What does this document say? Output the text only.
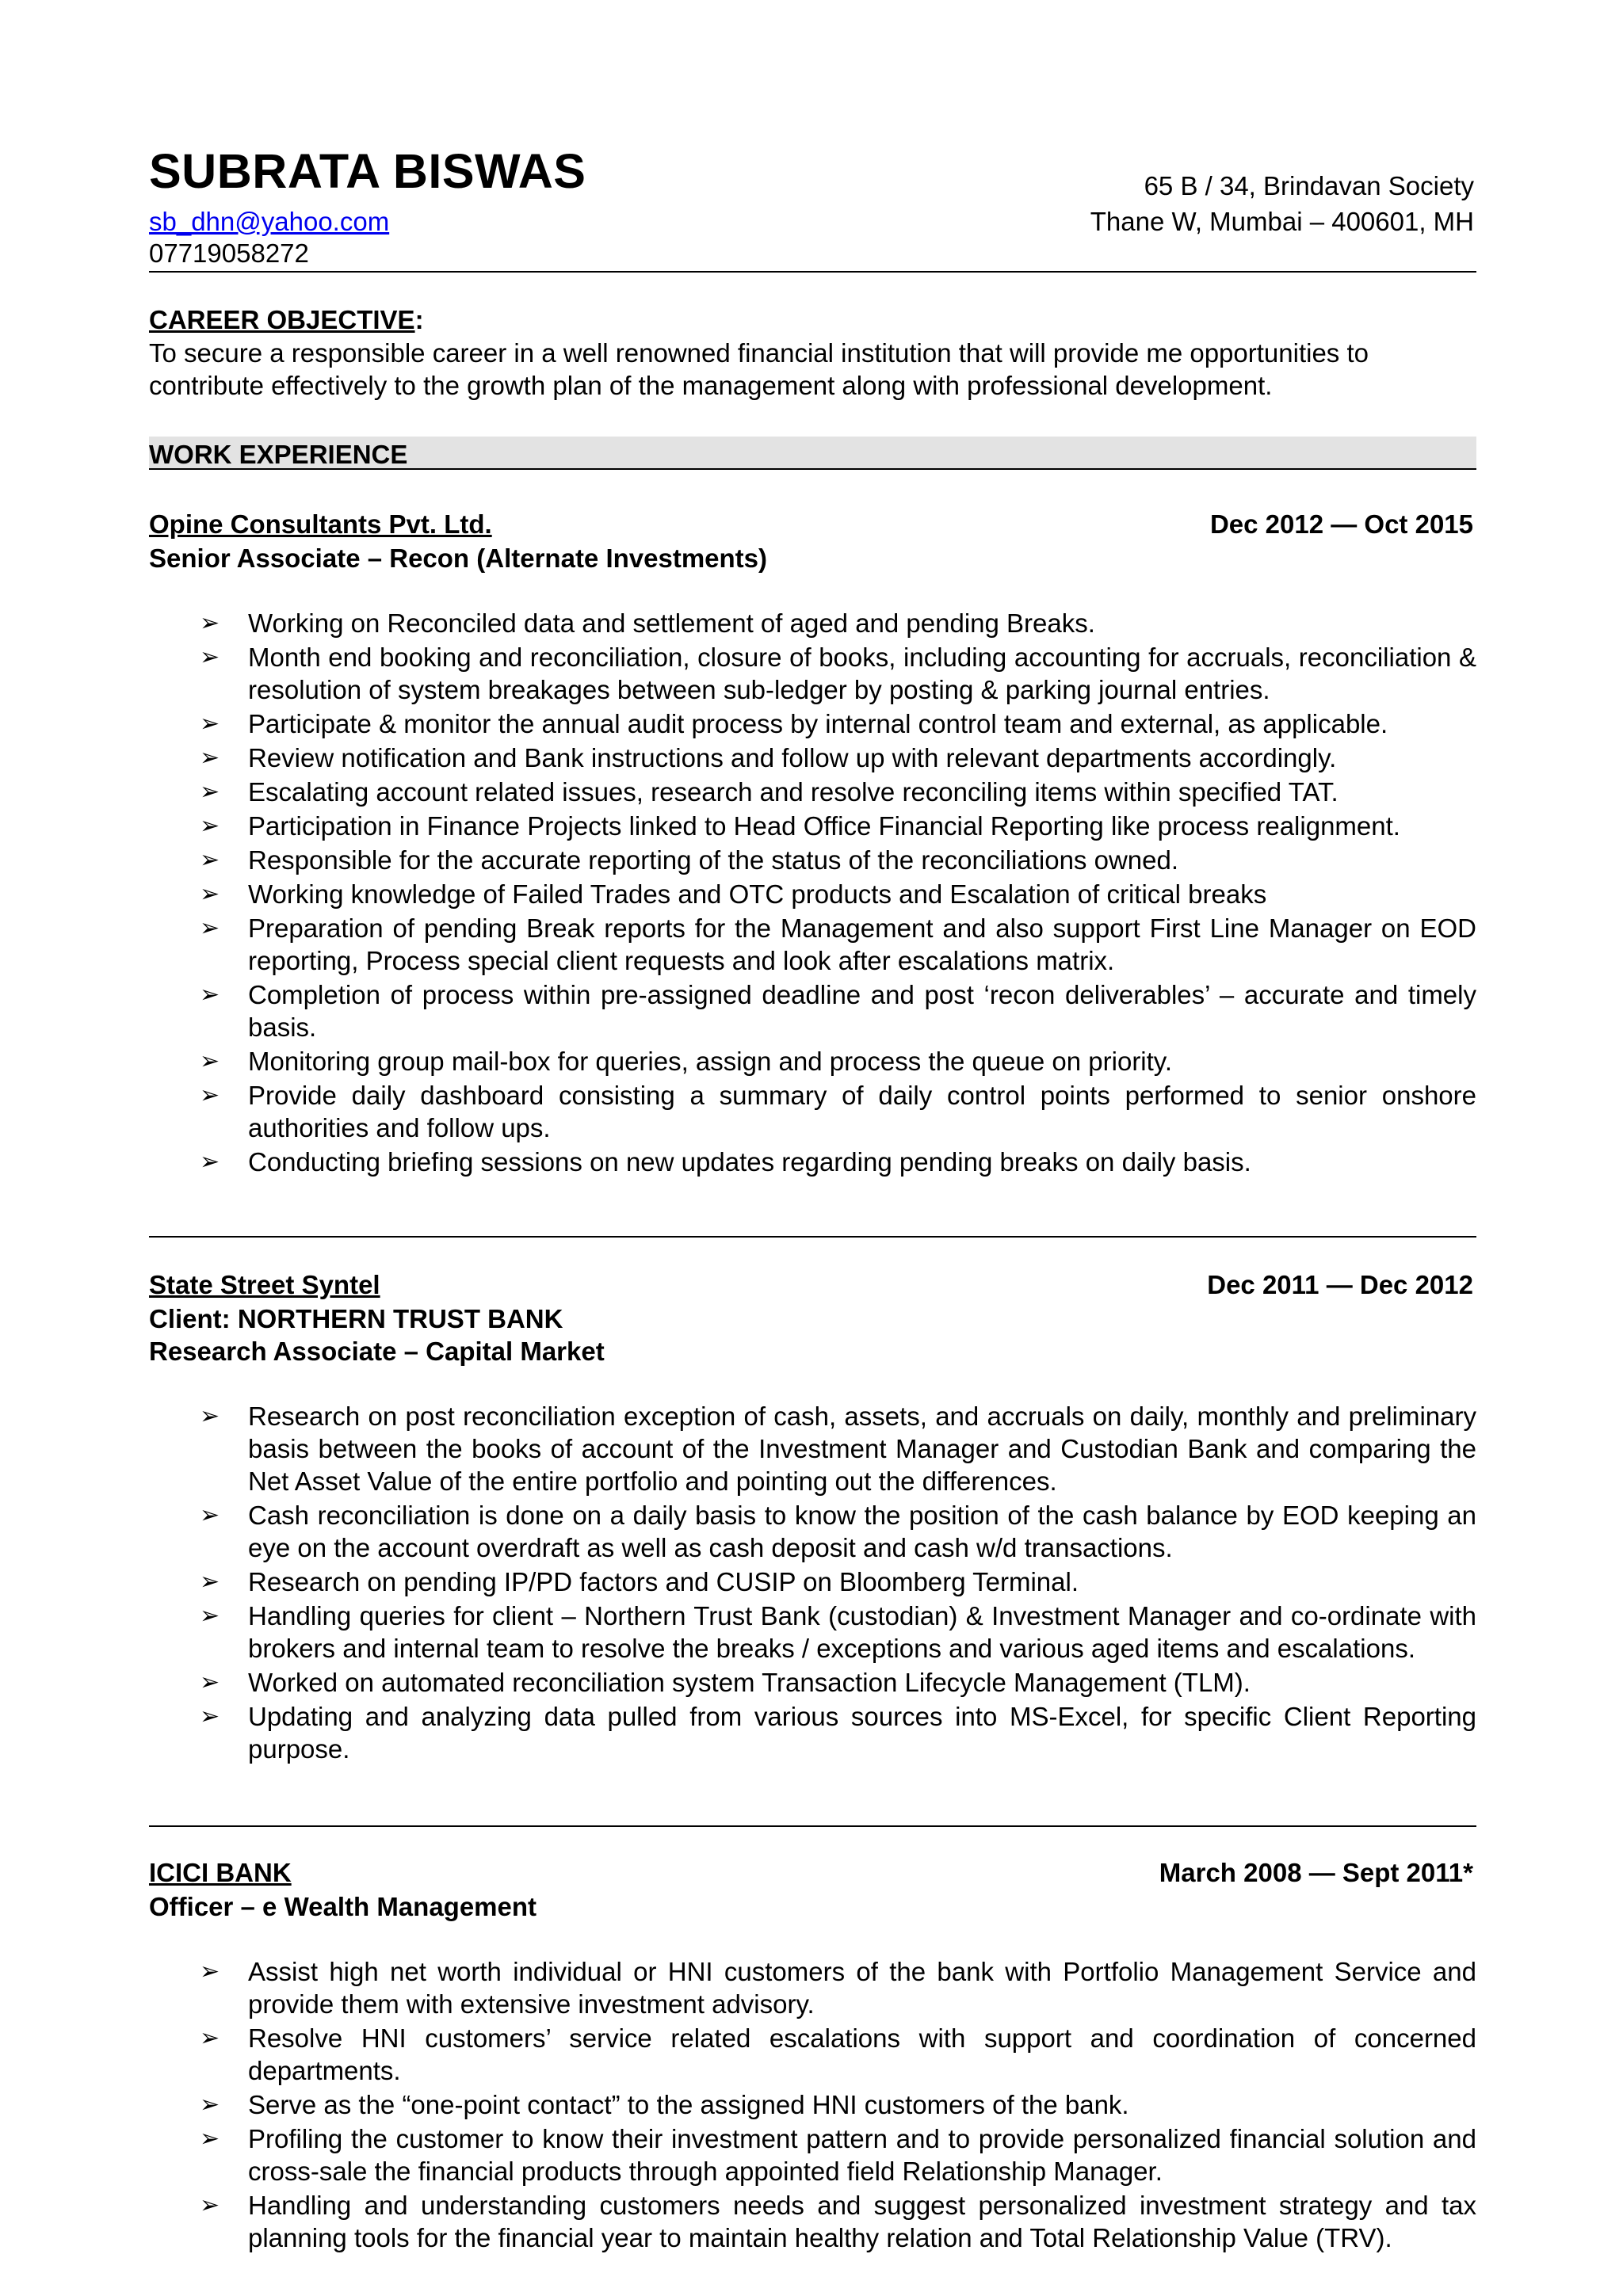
SUBRATA BISWAS	65 B / 34, Brindavan Society
sb_dhn@yahoo.com	Thane W, Mumbai – 400601, MH
07719058272
CAREER OBJECTIVE:
To secure a responsible career in a well renowned financial institution that will provide me opportunities to contribute effectively to the growth plan of the management along with professional development.
WORK EXPERIENCE
Opine Consultants Pvt. Ltd.	Dec 2012 — Oct 2015
Senior Associate – Recon (Alternate Investments)
➢ Working on Reconciled data and settlement of aged and pending Breaks.
➢ Month end booking and reconciliation, closure of books, including accounting for accruals, reconciliation & resolution of system breakages between sub-ledger by posting & parking journal entries.
➢ Participate & monitor the annual audit process by internal control team and external, as applicable.
➢ Review notification and Bank instructions and follow up with relevant departments accordingly.
➢ Escalating account related issues, research and resolve reconciling items within specified TAT.
➢ Participation in Finance Projects linked to Head Office Financial Reporting like process realignment.
➢ Responsible for the accurate reporting of the status of the reconciliations owned.
➢ Working knowledge of Failed Trades and OTC products and Escalation of critical breaks
➢ Preparation of pending Break reports for the Management and also support First Line Manager on EOD reporting, Process special client requests and look after escalations matrix.
➢ Completion of process within pre-assigned deadline and post ‘recon deliverables’ – accurate and timely basis.
➢ Monitoring group mail-box for queries, assign and process the queue on priority.
➢ Provide daily dashboard consisting a summary of daily control points performed to senior onshore authorities and follow ups.
➢ Conducting briefing sessions on new updates regarding pending breaks on daily basis.
State Street Syntel	Dec 2011 — Dec 2012
Client: NORTHERN TRUST BANK
Research Associate – Capital Market
➢ Research on post reconciliation exception of cash, assets, and accruals on daily, monthly and preliminary basis between the books of account of the Investment Manager and Custodian Bank and comparing the Net Asset Value of the entire portfolio and pointing out the differences.
➢ Cash reconciliation is done on a daily basis to know the position of the cash balance by EOD keeping an eye on the account overdraft as well as cash deposit and cash w/d transactions.
➢ Research on pending IP/PD factors and CUSIP on Bloomberg Terminal.
➢ Handling queries for client – Northern Trust Bank (custodian) & Investment Manager and co-ordinate with brokers and internal team to resolve the breaks / exceptions and various aged items and escalations.
➢ Worked on automated reconciliation system Transaction Lifecycle Management (TLM).
➢ Updating and analyzing data pulled from various sources into MS-Excel, for specific Client Reporting purpose.
ICICI BANK	March 2008 — Sept 2011*
Officer – e Wealth Management
➢ Assist high net worth individual or HNI customers of the bank with Portfolio Management Service and provide them with extensive investment advisory.
➢ Resolve HNI customers’ service related escalations with support and coordination of concerned departments.
➢ Serve as the “one-point contact” to the assigned HNI customers of the bank.
➢ Profiling the customer to know their investment pattern and to provide personalized financial solution and cross-sale the financial products through appointed field Relationship Manager.
➢ Handling and understanding customers needs and suggest personalized investment strategy and tax planning tools for the financial year to maintain healthy relation and Total Relationship Value (TRV).
